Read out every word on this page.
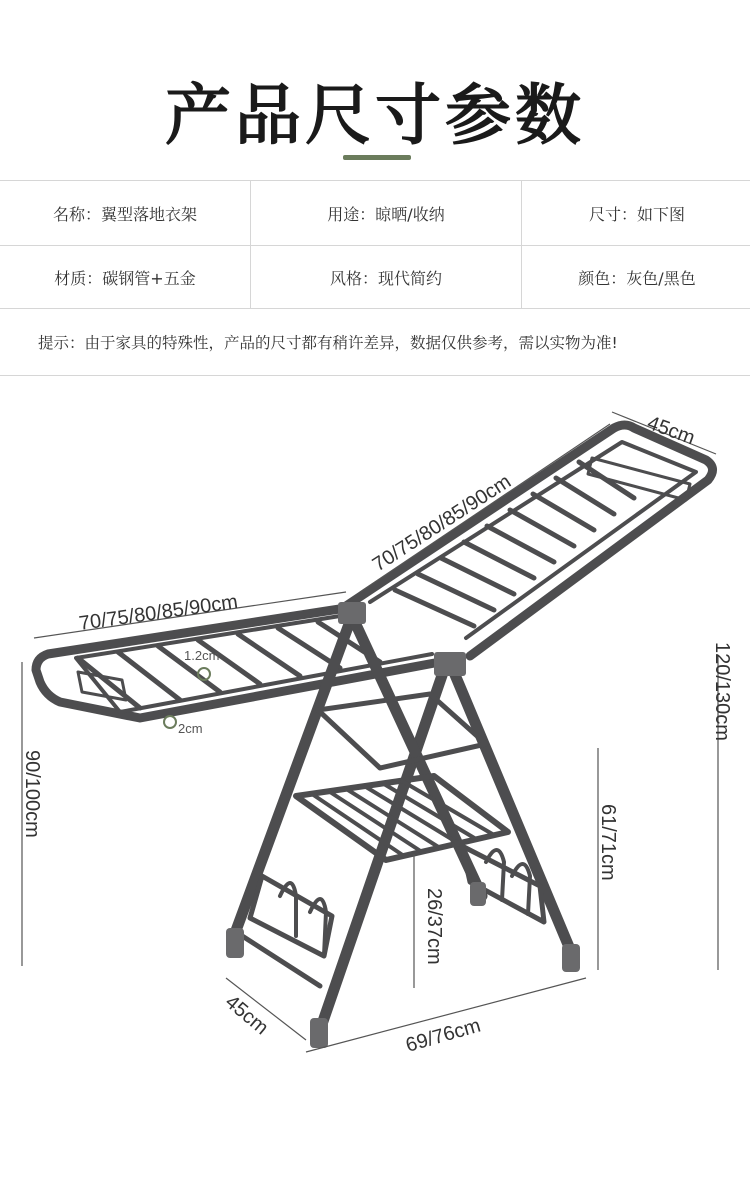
产品尺寸参数
名称：翼型落地衣架	用途：晾晒/收纳	尺寸：如下图
材质：碳钢管+五金	风格：现代简约	颜色：灰色/黑色
提示：由于家具的特殊性，产品的尺寸都有稍许差异，数据仅供参考，需以实物为准!
45cm
70/75/80/85/90cm
70/75/80/85/90cm
120/130cm
90/100cm
61/71cm
26/37cm
45cm	69/76cm
1.2cm
2cm
